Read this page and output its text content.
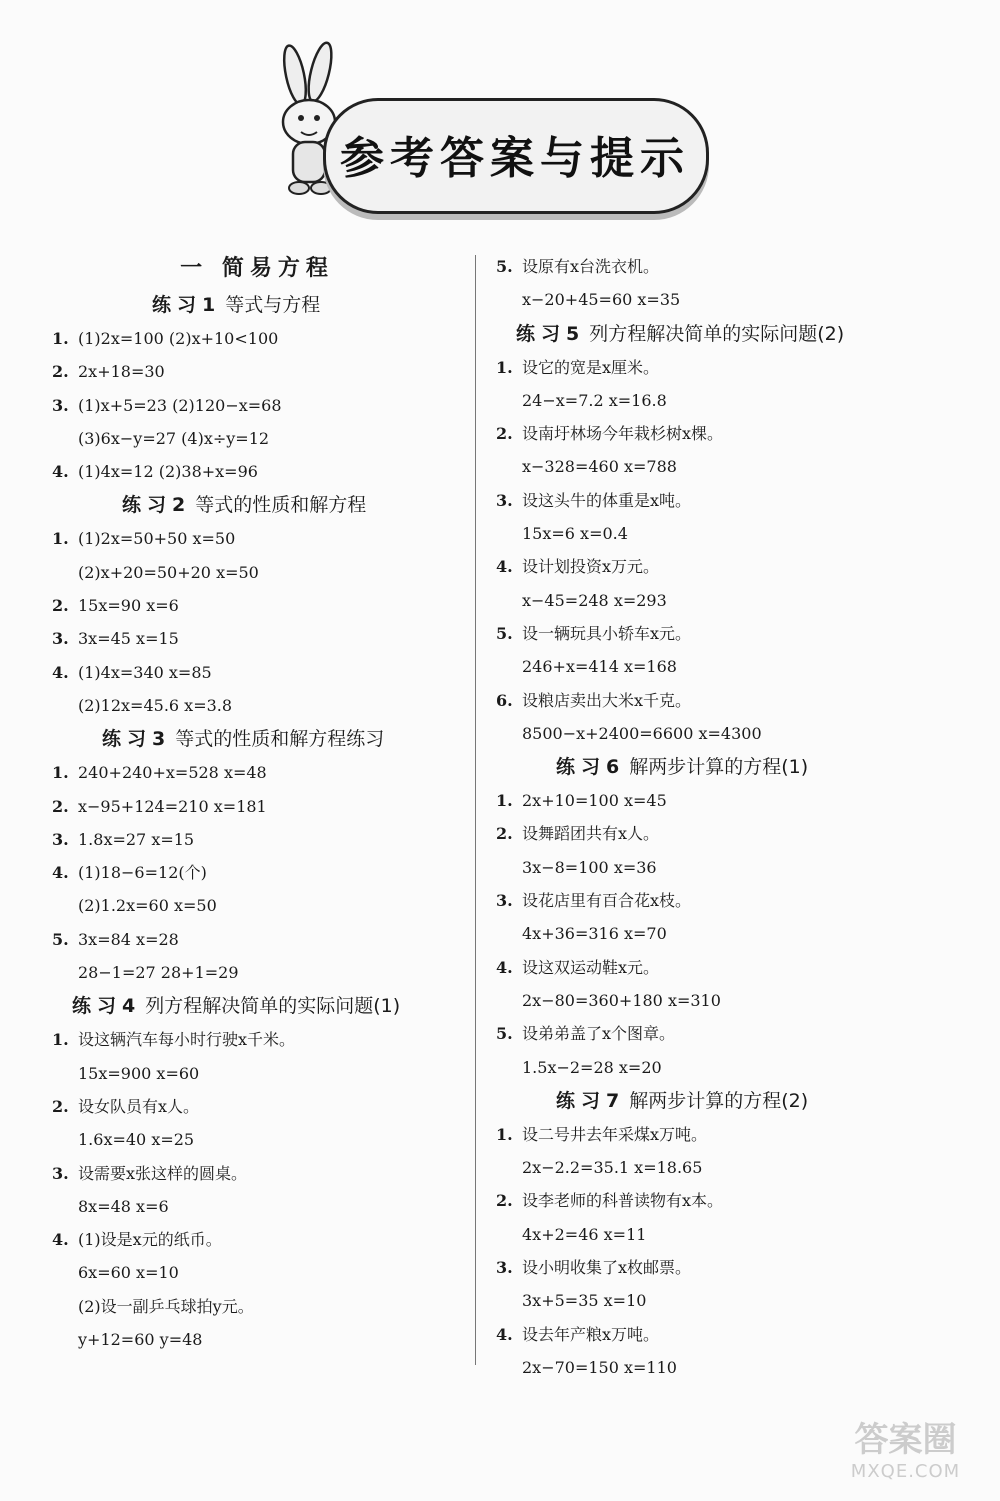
参考答案与提示
一 简易方程
练习1 等式与方程
1. (1)2x=100 (2)x+10<100
2. 2x+18=30
3. (1)x+5=23 (2)120−x=68
(3)6x−y=27 (4)x÷y=12
4. (1)4x=12 (2)38+x=96
练习2 等式的性质和解方程
1. (1)2x=50+50 x=50
(2)x+20=50+20 x=50
2. 15x=90 x=6
3. 3x=45 x=15
4. (1)4x=340 x=85
(2)12x=45.6 x=3.8
练习3 等式的性质和解方程练习
1. 240+240+x=528 x=48
2. x−95+124=210 x=181
3. 1.8x=27 x=15
4. (1)18−6=12(个)
(2)1.2x=60 x=50
5. 3x=84 x=28
28−1=27 28+1=29
练习4 列方程解决简单的实际问题(1)
1. 设这辆汽车每小时行驶x千米。
15x=900 x=60
2. 设女队员有x人。
1.6x=40 x=25
3. 设需要x张这样的圆桌。
8x=48 x=6
4. (1)设是x元的纸币。
6x=60 x=10
(2)设一副乒乓球拍y元。
y+12=60 y=48
5. 设原有x台洗衣机。
x−20+45=60 x=35
练习5 列方程解决简单的实际问题(2)
1. 设它的宽是x厘米。
24−x=7.2 x=16.8
2. 设南圩林场今年栽杉树x棵。
x−328=460 x=788
3. 设这头牛的体重是x吨。
15x=6 x=0.4
4. 设计划投资x万元。
x−45=248 x=293
5. 设一辆玩具小轿车x元。
246+x=414 x=168
6. 设粮店卖出大米x千克。
8500−x+2400=6600 x=4300
练习6 解两步计算的方程(1)
1. 2x+10=100 x=45
2. 设舞蹈团共有x人。
3x−8=100 x=36
3. 设花店里有百合花x枝。
4x+36=316 x=70
4. 设这双运动鞋x元。
2x−80=360+180 x=310
5. 设弟弟盖了x个图章。
1.5x−2=28 x=20
练习7 解两步计算的方程(2)
1. 设二号井去年采煤x万吨。
2x−2.2=35.1 x=18.65
2. 设李老师的科普读物有x本。
4x+2=46 x=11
3. 设小明收集了x枚邮票。
3x+5=35 x=10
4. 设去年产粮x万吨。
2x−70=150 x=110
答案圈
MXQE.COM
